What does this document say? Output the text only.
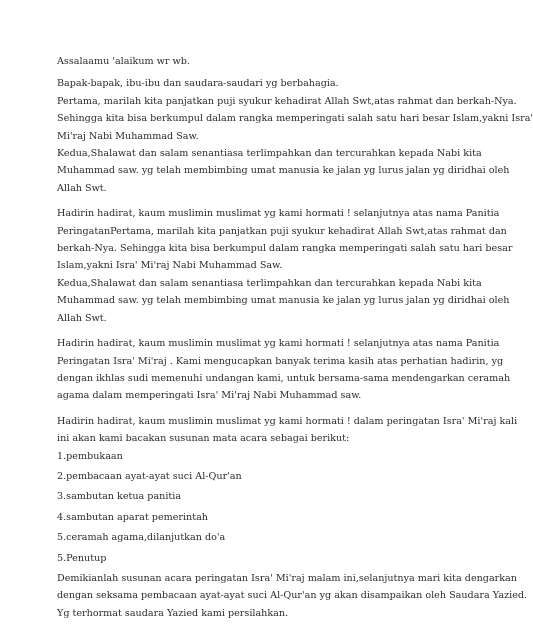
Assalaamu 'alaikum wr wb.

Bapak-bapak, ibu-ibu dan saudara-saudari yg berbahagia.
Pertama, marilah kita panjatkan puji syukur kehadirat Allah Swt,atas rahmat dan berkah-Nya.
Sehingga kita bisa berkumpul dalam rangka memperingati salah satu hari besar Islam,yakni Isra'
Mi'raj Nabi Muhammad Saw.
Kedua,Shalawat dan salam senantiasa terlimpahkan dan tercurahkan kepada Nabi kita
Muhammad saw. yg telah membimbing umat manusia ke jalan yg lurus jalan yg diridhai oleh
Allah Swt.

Hadirin hadirat, kaum muslimin muslimat yg kami hormati ! selanjutnya atas nama Panitia
PeringatanPertama, marilah kita panjatkan puji syukur kehadirat Allah Swt,atas rahmat dan
berkah-Nya. Sehingga kita bisa berkumpul dalam rangka memperingati salah satu hari besar
Islam,yakni Isra' Mi'raj Nabi Muhammad Saw.
Kedua,Shalawat dan salam senantiasa terlimpahkan dan tercurahkan kepada Nabi kita
Muhammad saw. yg telah membimbing umat manusia ke jalan yg lurus jalan yg diridhai oleh
Allah Swt.

Hadirin hadirat, kaum muslimin muslimat yg kami hormati ! selanjutnya atas nama Panitia
Peringatan Isra' Mi'raj . Kami mengucapkan banyak terima kasih atas perhatian hadirin, yg
dengan ikhlas sudi memenuhi undangan kami, untuk bersama-sama mendengarkan ceramah
agama dalam memperingati Isra' Mi'raj Nabi Muhammad saw.

Hadirin hadirat, kaum muslimin muslimat yg kami hormati ! dalam peringatan Isra' Mi'raj kali
ini akan kami bacakan susunan mata acara sebagai berikut:

1.pembukaan
2.pembacaan ayat-ayat suci Al-Qur'an
3.sambutan ketua panitia
4.sambutan aparat pemerintah
5.ceramah agama,dilanjutkan do'a
5.Penutup

Demikianlah susunan acara peringatan Isra' Mi'raj malam ini,selanjutnya mari kita dengarkan
dengan seksama pembacaan ayat-ayat suci Al-Qur'an yg akan disampaikan oleh Saudara Yazied.
Yg terhormat saudara Yazied kami persilahkan.
